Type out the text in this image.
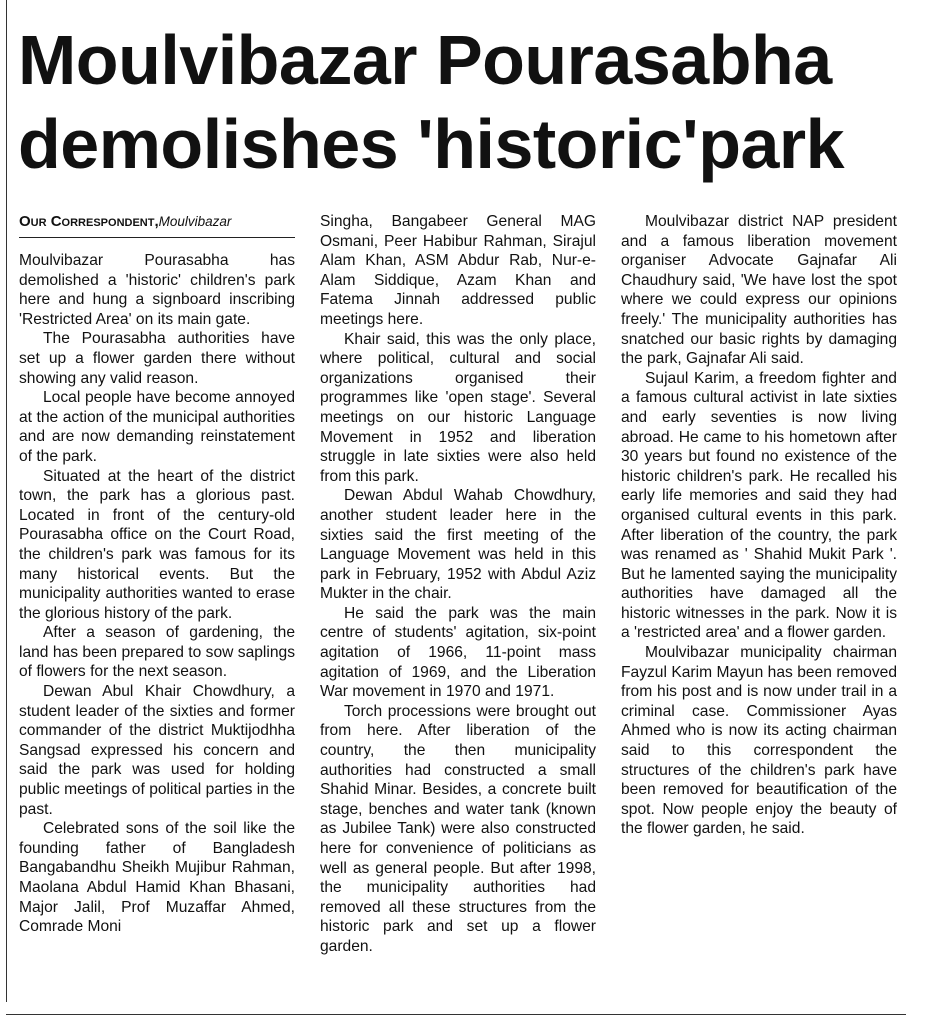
Moulvibazar Pourasabha
demolishes 'historic'park
Our Correspondent,Moulvibazar

Moulvibazar Pourasabha has demolished a 'historic' children's park here and hung a signboard inscribing 'Restricted Area' on its main gate.

The Pourasabha authorities have set up a flower garden there without showing any valid reason.

Local people have become annoyed at the action of the municipal authorities and are now demanding reinstatement of the park.

Situated at the heart of the district town, the park has a glorious past. Located in front of the century-old Pourasabha office on the Court Road, the children's park was famous for its many historical events. But the municipality authorities wanted to erase the glorious history of the park.

After a season of gardening, the land has been prepared to sow saplings of flowers for the next season.

Dewan Abul Khair Chowdhury, a student leader of the sixties and former commander of the district Muktijodhha Sangsad expressed his concern and said the park was used for holding public meetings of political parties in the past.

Celebrated sons of the soil like the founding father of Bangladesh Bangabandhu Sheikh Mujibur Rahman, Maolana Abdul Hamid Khan Bhasani, Major Jalil, Prof Muzaffar Ahmed, Comrade Moni

Singha, Bangabeer General MAG Osmani, Peer Habibur Rahman, Sirajul Alam Khan, ASM Abdur Rab, Nur-e-Alam Siddique, Azam Khan and Fatema Jinnah addressed public meetings here.

Khair said, this was the only place, where political, cultural and social organizations organised their programmes like 'open stage'. Several meetings on our historic Language Movement in 1952 and liberation struggle in late sixties were also held from this park.

Dewan Abdul Wahab Chowdhury, another student leader here in the sixties said the first meeting of the Language Movement was held in this park in February, 1952 with Abdul Aziz Mukter in the chair.

He said the park was the main centre of students' agitation, six-point agitation of 1966, 11-point mass agitation of 1969, and the Liberation War movement in 1970 and 1971.

Torch processions were brought out from here. After liberation of the country, the then municipality authorities had constructed a small Shahid Minar. Besides, a concrete built stage, benches and water tank (known as Jubilee Tank) were also constructed here for convenience of politicians as well as general people. But after 1998, the municipality authorities had removed all these structures from the historic park and set up a flower garden.

Moulvibazar district NAP president and a famous liberation movement organiser Advocate Gajnafar Ali Chaudhury said, 'We have lost the spot where we could express our opinions freely.' The municipality authorities has snatched our basic rights by damaging the park, Gajnafar Ali said.

Sujaul Karim, a freedom fighter and a famous cultural activist in late sixties and early seventies is now living abroad. He came to his hometown after 30 years but found no existence of the historic children's park. He recalled his early life memories and said they had organised cultural events in this park. After liberation of the country, the park was renamed as ' Shahid Mukit Park '. But he lamented saying the municipality authorities have damaged all the historic witnesses in the park. Now it is a 'restricted area' and a flower garden.

Moulvibazar municipality chairman Fayzul Karim Mayun has been removed from his post and is now under trail in a criminal case. Commissioner Ayas Ahmed who is now its acting chairman said to this correspondent the structures of the children's park have been removed for beautification of the spot. Now people enjoy the beauty of the flower garden, he said.
